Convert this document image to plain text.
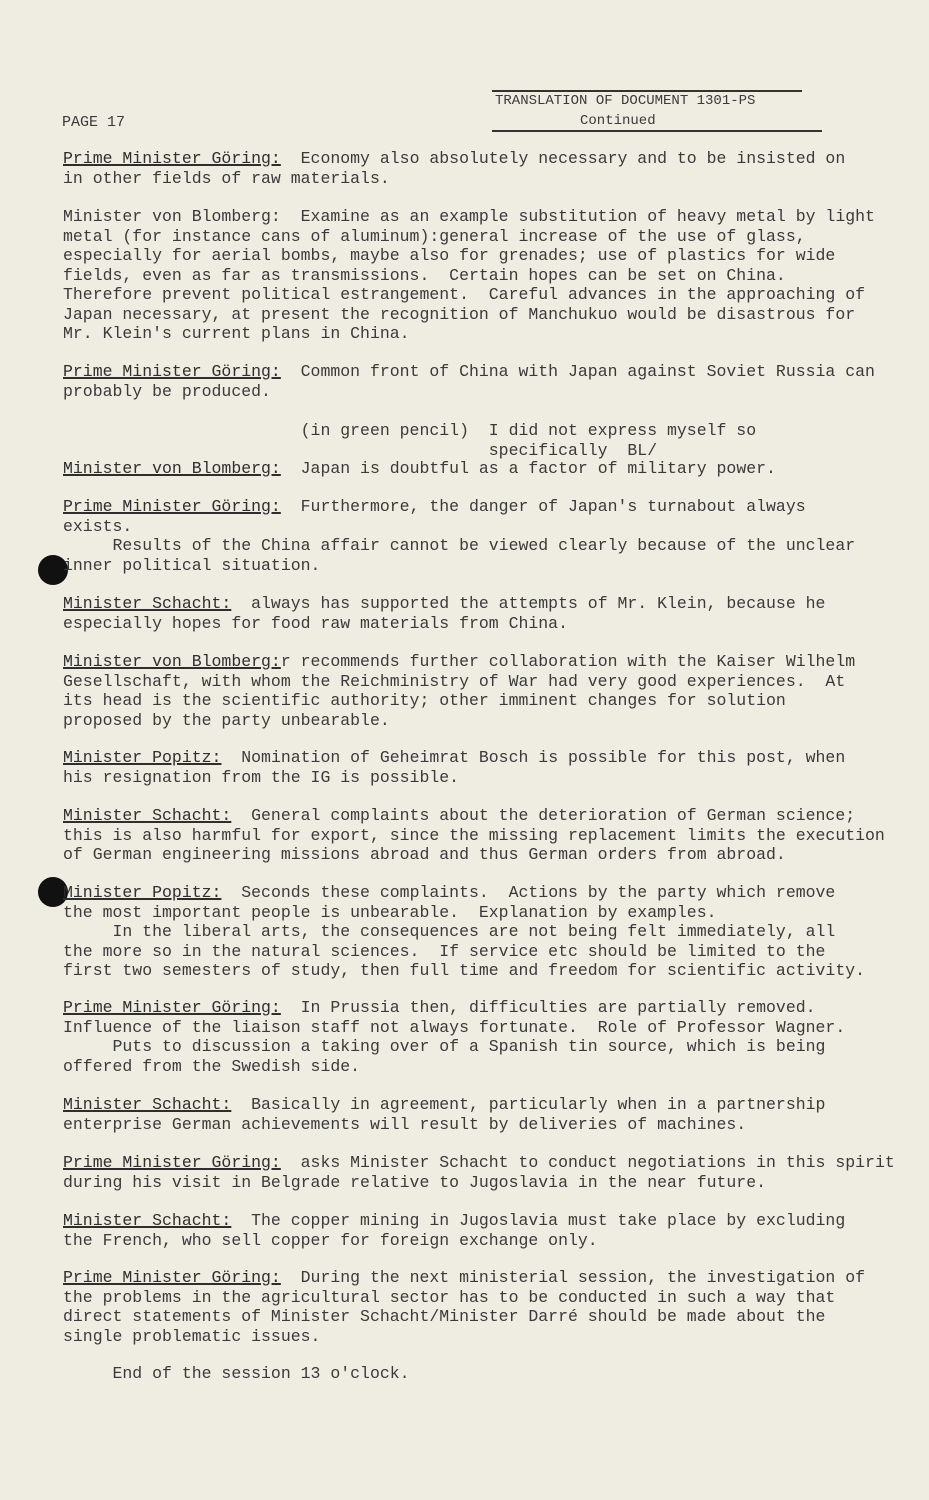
PAGE 17
TRANSLATION OF DOCUMENT 1301-PS
Continued
Prime Minister Göring:  Economy also absolutely necessary and to be insisted on
in other fields of raw materials.
Minister von Blomberg:  Examine as an example substitution of heavy metal by light
metal (for instance cans of aluminum):general increase of the use of glass,
especially for aerial bombs, maybe also for grenades; use of plastics for wide
fields, even as far as transmissions.  Certain hopes can be set on China.
Therefore prevent political estrangement.  Careful advances in the approaching of
Japan necessary, at present the recognition of Manchukuo would be disastrous for
Mr. Klein's current plans in China.
Prime Minister Göring:  Common front of China with Japan against Soviet Russia can
probably be produced.
(in green pencil)  I did not express myself so
specifically  BL/
Minister von Blomberg:  Japan is doubtful as a factor of military power.
Prime Minister Göring:  Furthermore, the danger of Japan's turnabout always
exists.
Results of the China affair cannot be viewed clearly because of the unclear
inner political situation.
Minister Schacht:  always has supported the attempts of Mr. Klein, because he
especially hopes for food raw materials from China.
Minister von Blomberg:r recommends further collaboration with the Kaiser Wilhelm
Gesellschaft, with whom the Reichministry of War had very good experiences.  At
its head is the scientific authority; other imminent changes for solution
proposed by the party unbearable.
Minister Popitz:  Nomination of Geheimrat Bosch is possible for this post, when
his resignation from the IG is possible.
Minister Schacht:  General complaints about the deterioration of German science;
this is also harmful for export, since the missing replacement limits the execution
of German engineering missions abroad and thus German orders from abroad.
Minister Popitz:  Seconds these complaints.  Actions by the party which remove
the most important people is unbearable.  Explanation by examples.
In the liberal arts, the consequences are not being felt immediately, all
the more so in the natural sciences.  If service etc should be limited to the
first two semesters of study, then full time and freedom for scientific activity.
Prime Minister Göring:  In Prussia then, difficulties are partially removed.
Influence of the liaison staff not always fortunate.  Role of Professor Wagner.
Puts to discussion a taking over of a Spanish tin source, which is being
offered from the Swedish side.
Minister Schacht:  Basically in agreement, particularly when in a partnership
enterprise German achievements will result by deliveries of machines.
Prime Minister Göring:  asks Minister Schacht to conduct negotiations in this spirit
during his visit in Belgrade relative to Jugoslavia in the near future.
Minister Schacht:  The copper mining in Jugoslavia must take place by excluding
the French, who sell copper for foreign exchange only.
Prime Minister Göring:  During the next ministerial session, the investigation of
the problems in the agricultural sector has to be conducted in such a way that
direct statements of Minister Schacht/Minister Darré should be made about the
single problematic issues.
End of the session 13 o'clock.
